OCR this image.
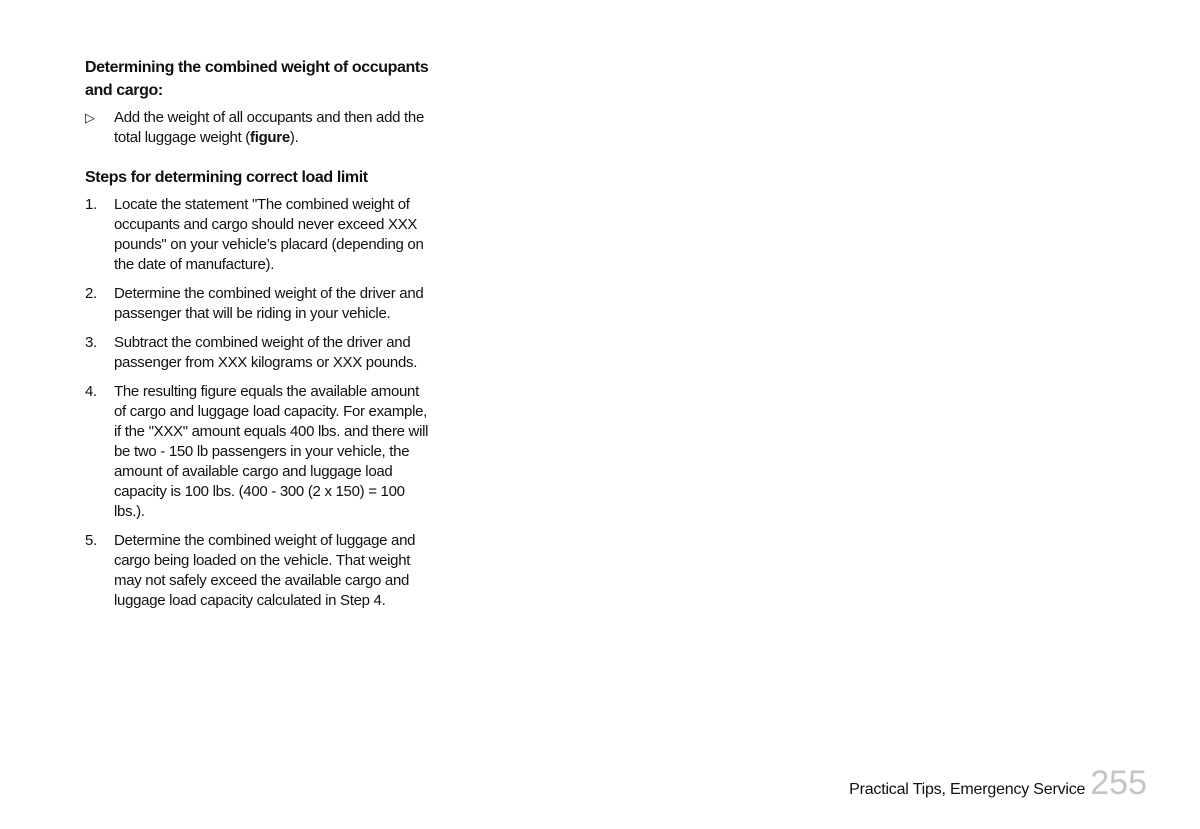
Determining the combined weight of occupants and cargo:
▷ Add the weight of all occupants and then add the total luggage weight (figure).
Steps for determining correct load limit
1. Locate the statement "The combined weight of occupants and cargo should never exceed XXX pounds" on your vehicle’s placard (depending on the date of manufacture).
2. Determine the combined weight of the driver and passenger that will be riding in your vehicle.
3. Subtract the combined weight of the driver and passenger from XXX kilograms or XXX pounds.
4. The resulting figure equals the available amount of cargo and luggage load capacity. For example, if the "XXX" amount equals 400 lbs. and there will be two - 150 lb passengers in your vehicle, the amount of available cargo and luggage load capacity is 100 lbs. (400 - 300 (2 x 150) = 100 lbs.).
5. Determine the combined weight of luggage and cargo being loaded on the vehicle. That weight may not safely exceed the available cargo and luggage load capacity calculated in Step 4.
Practical Tips, Emergency Service 255
